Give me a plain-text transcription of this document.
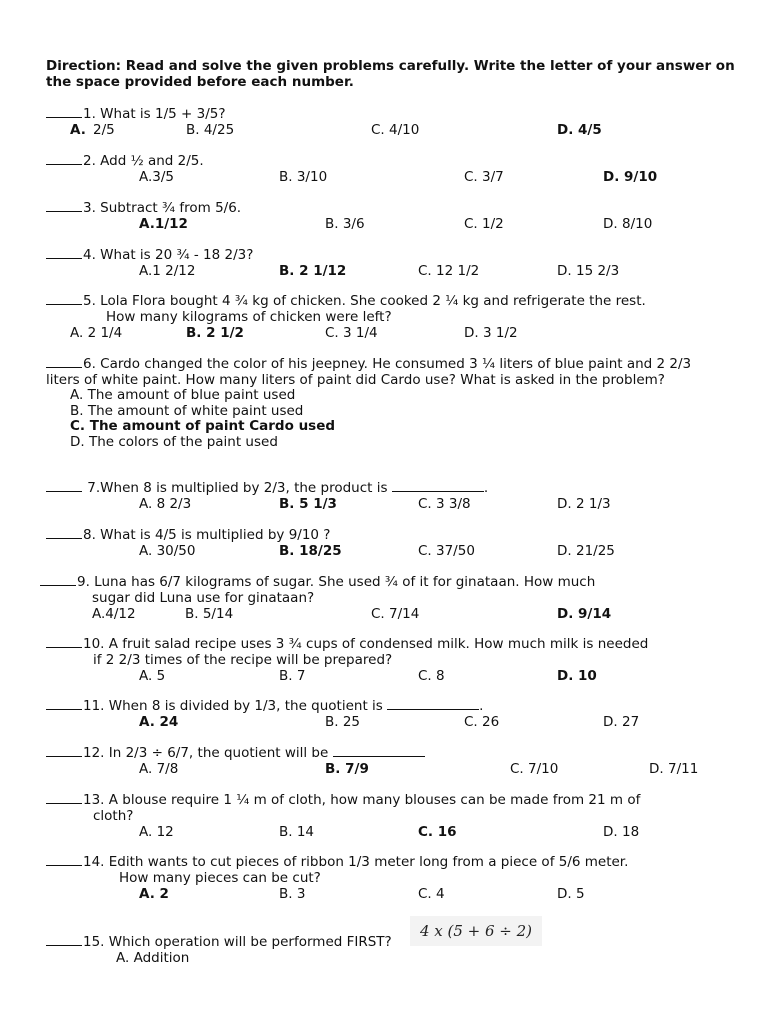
Direction: Read and solve the given problems carefully. Write the letter of your answer on the space provided before each number.
1. What is 1/5 + 3/5?
A. 2/5	B. 4/25	C. 4/10	D. 4/5
2. Add ½ and 2/5.
A.3/5	B. 3/10	C. 3/7	D. 9/10
3. Subtract ¾ from 5/6.
A.1/12	B. 3/6	C. 1/2	D. 8/10
4. What is 20 ¾ - 18 2/3?
A.1 2/12	B. 2 1/12	C. 12 1/2	D. 15 2/3
5. Lola Flora bought 4 ¾ kg of chicken. She cooked 2 ¼ kg and refrigerate the rest.
How many kilograms of chicken were left?
A. 2 1/4	B. 2 1/2	C. 3 1/4	D. 3 1/2
6. Cardo changed the color of his jeepney. He consumed 3 ¼ liters of blue paint and 2 2/3 liters of white paint. How many liters of paint did Cardo use? What is asked in the problem?
A. The amount of blue paint used
B. The amount of white paint used
C. The amount of paint Cardo used
D. The colors of the paint used
7.When 8 is multiplied by 2/3, the product is	.
A. 8 2/3	B. 5 1/3	C. 3 3/8	D. 2 1/3
8. What is 4/5 is multiplied by 9/10 ?
A. 30/50	B. 18/25	C. 37/50	D. 21/25
9. Luna has 6/7 kilograms of sugar. She used ¾ of it for ginataan. How much
sugar did Luna use for ginataan?
A.4/12	B. 5/14	C. 7/14	D. 9/14
10. A fruit salad recipe uses 3 ¾ cups of condensed milk. How much milk is needed
if 2 2/3 times of the recipe will be prepared?
A. 5	B. 7	C. 8	D. 10
11. When 8 is divided by 1/3, the quotient is	.
A. 24	B. 25	C. 26	D. 27
12. In 2/3 ÷ 6/7, the quotient will be
A. 7/8	B. 7/9	C. 7/10	D. 7/11
13. A blouse require 1 ¼ m of cloth, how many blouses can be made from 21 m of
cloth?
A. 12	B. 14	C. 16	D. 18
14. Edith wants to cut pieces of ribbon 1/3 meter long from a piece of 5/6 meter.
How many pieces can be cut?
A. 2	B. 3	C. 4	D. 5
15. Which operation will be performed FIRST?
A. Addition
4 x (5 + 6 ÷ 2)
